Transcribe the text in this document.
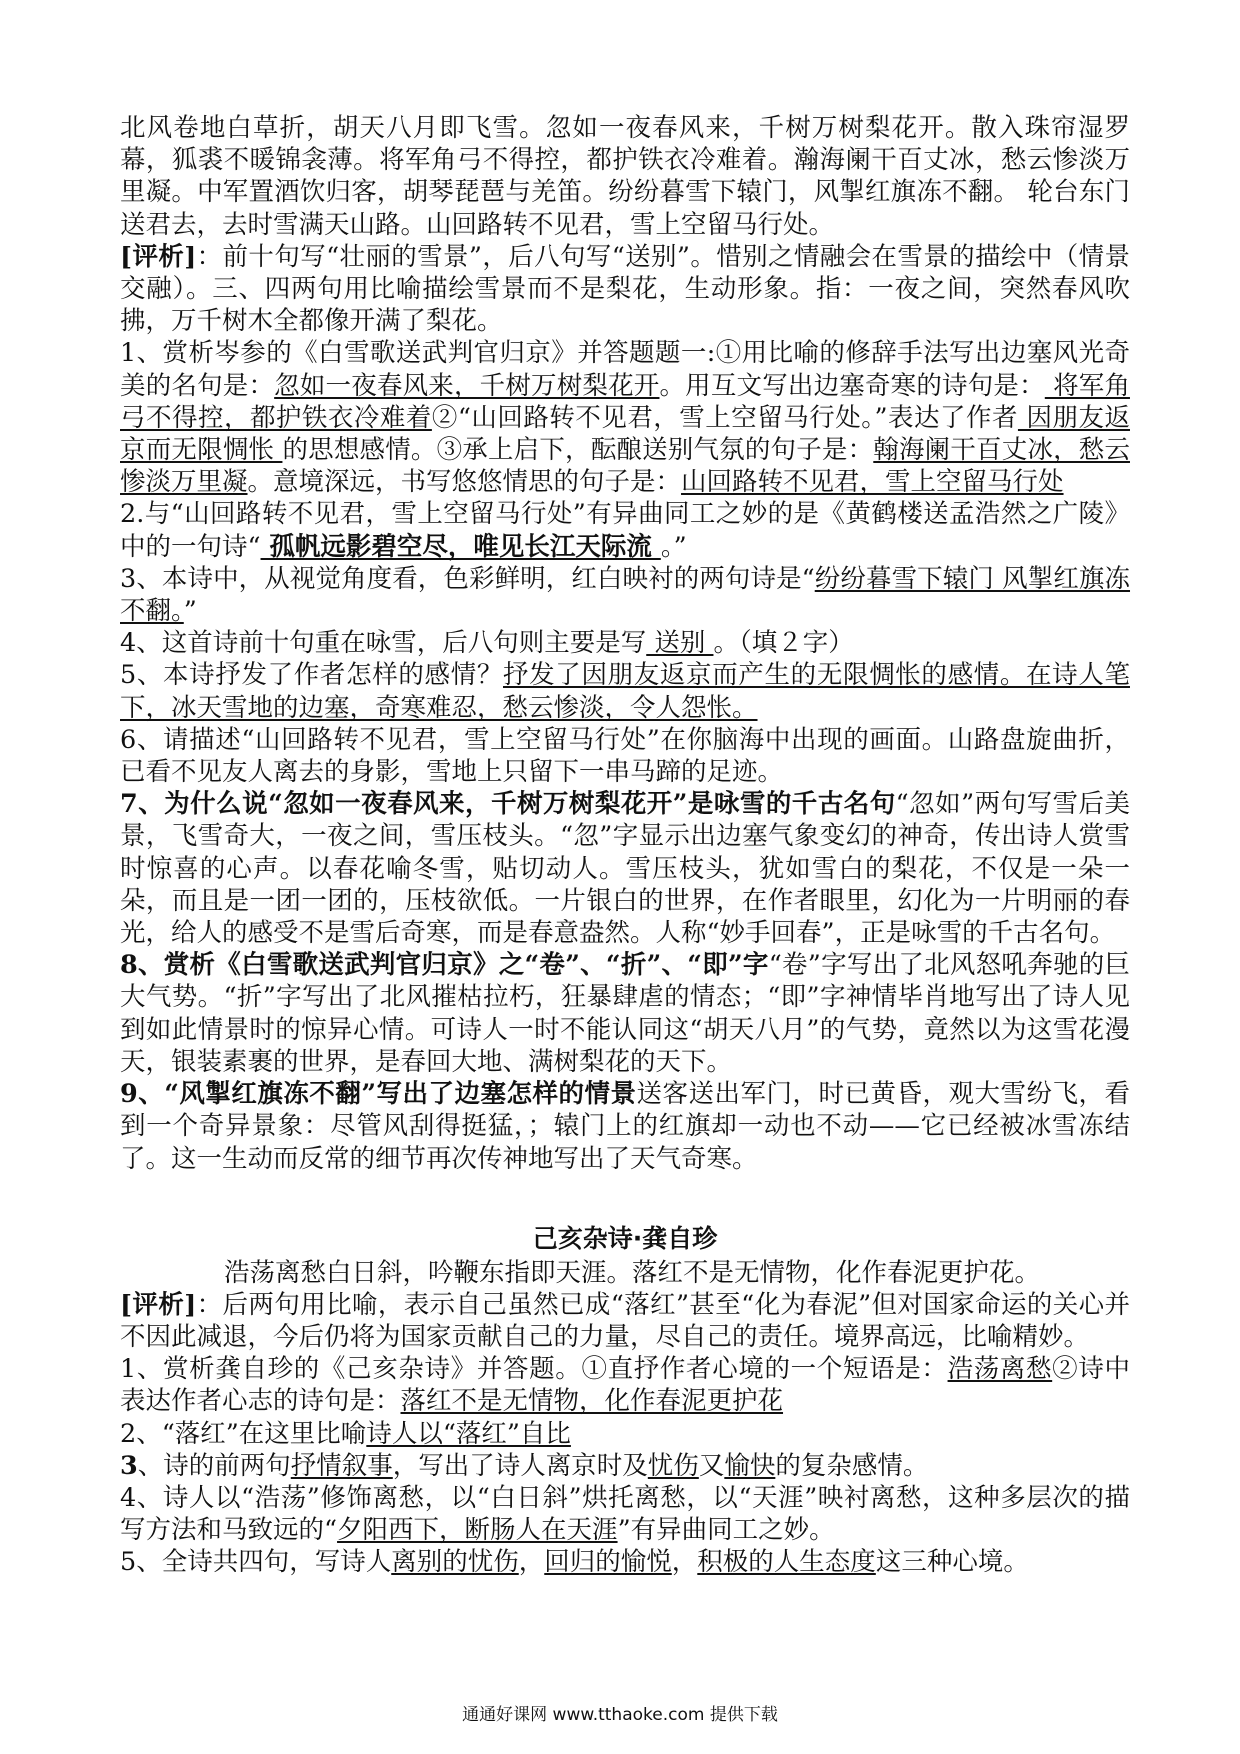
北风卷地白草折，胡天八月即飞雪。忽如一夜春风来，千树万树梨花开。散入珠帘湿罗幕，狐裘不暖锦衾薄。将军角弓不得控，都护铁衣冷难着。瀚海阑干百丈冰，愁云惨淡万里凝。中军置酒饮归客，胡琴琵琶与羌笛。纷纷暮雪下辕门，风掣红旗冻不翻。 轮台东门送君去，去时雪满天山路。山回路转不见君，雪上空留马行处。

[评析]：前十句写“壮丽的雪景”，后八句写“送别”。惜别之情融会在雪景的描绘中（情景交融）。三、四两句用比喻描绘雪景而不是梨花，生动形象。指：一夜之间，突然春风吹拂，万千树木全都像开满了梨花。

1、赏析岑参的《白雪歌送武判官归京》并答题题一:①用比喻的修辞手法写出边塞风光奇美的名句是：忽如一夜春风来，千树万树梨花开。用互文写出边塞奇寒的诗句是： 将军角弓不得控，都护铁衣冷难着②“山回路转不见君，雪上空留马行处。”表达了作者 因朋友返京而无限惆怅 的思想感情。③承上启下，酝酿送别气氛的句子是：翰海阑干百丈冰，愁云惨淡万里凝。意境深远，书写悠悠情思的句子是：山回路转不见君，雪上空留马行处

2.与“山回路转不见君，雪上空留马行处”有异曲同工之妙的是《黄鹤楼送孟浩然之广陵》中的一句诗“ 孤帆远影碧空尽，唯见长江天际流 。”

3、本诗中，从视觉角度看，色彩鲜明，红白映衬的两句诗是“纷纷暮雪下辕门 风掣红旗冻不翻。”

4、这首诗前十句重在咏雪，后八句则主要是写 送别 。（填２字）

5、本诗抒发了作者怎样的感情？抒发了因朋友返京而产生的无限惆怅的感情。在诗人笔下，冰天雪地的边塞，奇寒难忍，愁云惨淡，令人怨怅。

6、请描述“山回路转不见君，雪上空留马行处”在你脑海中出现的画面。山路盘旋曲折，已看不见友人离去的身影，雪地上只留下一串马蹄的足迹。

7、为什么说“忽如一夜春风来，千树万树梨花开”是咏雪的千古名句“忽如”两句写雪后美景，飞雪奇大，一夜之间，雪压枝头。“忽”字显示出边塞气象变幻的神奇，传出诗人赏雪时惊喜的心声。以春花喻冬雪，贴切动人。雪压枝头，犹如雪白的梨花，不仅是一朵一朵，而且是一团一团的，压枝欲低。一片银白的世界，在作者眼里，幻化为一片明丽的春光，给人的感受不是雪后奇寒，而是春意盎然。人称“妙手回春”，正是咏雪的千古名句。

8、赏析《白雪歌送武判官归京》之“卷”、“折”、“即”字“卷”字写出了北风怒吼奔驰的巨大气势。“折”字写出了北风摧枯拉朽，狂暴肆虐的情态；“即”字神情毕肖地写出了诗人见到如此情景时的惊异心情。可诗人一时不能认同这“胡天八月”的气势，竟然以为这雪花漫天，银装素裹的世界，是春回大地、满树梨花的天下。

9、“风掣红旗冻不翻”写出了边塞怎样的情景送客送出军门，时已黄昏，观大雪纷飞，看到一个奇异景象：尽管风刮得挺猛，；辕门上的红旗却一动也不动——它已经被冰雪冻结了。这一生动而反常的细节再次传神地写出了天气奇寒。

己亥杂诗·龚自珍

浩荡离愁白日斜，吟鞭东指即天涯。落红不是无情物，化作春泥更护花。

[评析]：后两句用比喻，表示自己虽然已成“落红”甚至“化为春泥”但对国家命运的关心并不因此减退，今后仍将为国家贡献自己的力量，尽自己的责任。境界高远，比喻精妙。

1、赏析龚自珍的《己亥杂诗》并答题。①直抒作者心境的一个短语是：浩荡离愁②诗中表达作者心志的诗句是：落红不是无情物，化作春泥更护花

2、“落红”在这里比喻诗人以“落红”自比

3、诗的前两句抒情叙事，写出了诗人离京时及忧伤又愉快的复杂感情。

4、诗人以“浩荡”修饰离愁，以“白日斜”烘托离愁，以“天涯”映衬离愁，这种多层次的描写方法和马致远的“夕阳西下，断肠人在天涯”有异曲同工之妙。

5、全诗共四句，写诗人离别的忧伤，回归的愉悦，积极的人生态度这三种心境。

通通好课网 www.tthaoke.com 提供下载
